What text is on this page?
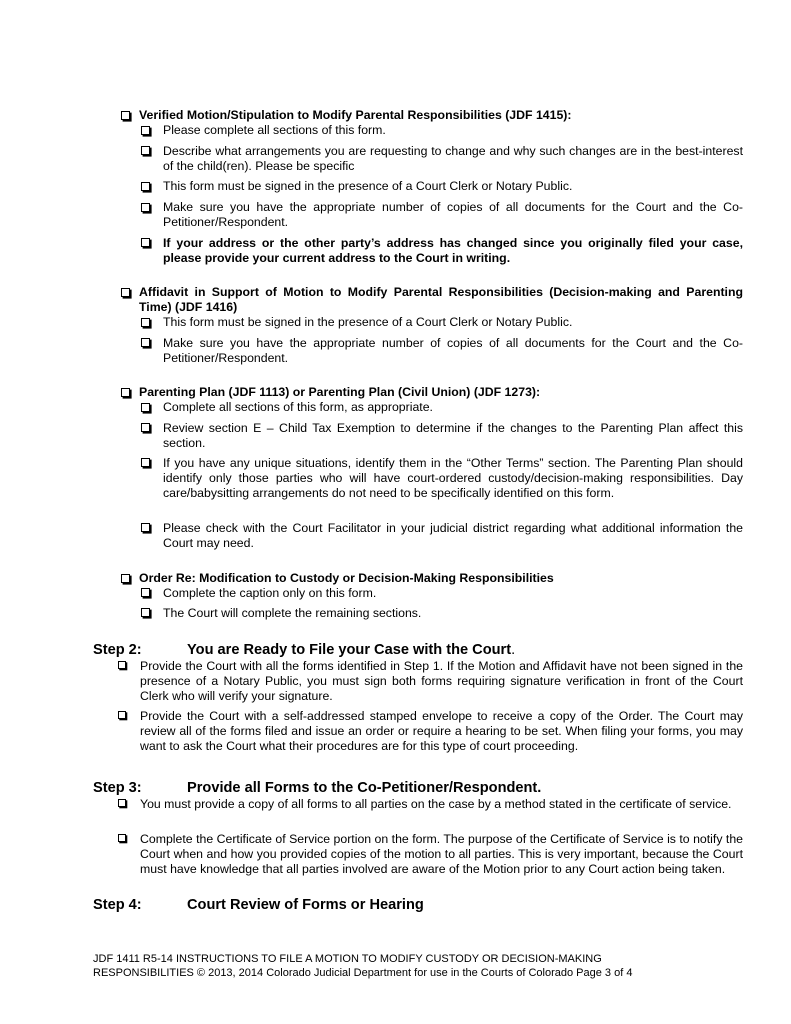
Verified Motion/Stipulation to Modify Parental Responsibilities (JDF 1415):
Please complete all sections of this form.
Describe what arrangements you are requesting to change and why such changes are in the best-interest of the child(ren). Please be specific
This form must be signed in the presence of a Court Clerk or Notary Public.
Make sure you have the appropriate number of copies of all documents for the Court and the Co-Petitioner/Respondent.
If your address or the other party’s address has changed since you originally filed your case, please provide your current address to the Court in writing.
Affidavit in Support of Motion to Modify Parental Responsibilities (Decision-making and Parenting Time) (JDF 1416)
This form must be signed in the presence of a Court Clerk or Notary Public.
Make sure you have the appropriate number of copies of all documents for the Court and the Co-Petitioner/Respondent.
Parenting Plan (JDF 1113) or Parenting Plan (Civil Union) (JDF 1273):
Complete all sections of this form, as appropriate.
Review section E – Child Tax Exemption to determine if the changes to the Parenting Plan affect this section.
If you have any unique situations, identify them in the “Other Terms” section. The Parenting Plan should identify only those parties who will have court-ordered custody/decision-making responsibilities. Day care/babysitting arrangements do not need to be specifically identified on this form.
Please check with the Court Facilitator in your judicial district regarding what additional information the Court may need.
Order Re: Modification to Custody or Decision-Making Responsibilities
Complete the caption only on this form.
The Court will complete the remaining sections.
Step 2:	You are Ready to File your Case with the Court.
Provide the Court with all the forms identified in Step 1. If the Motion and Affidavit have not been signed in the presence of a Notary Public, you must sign both forms requiring signature verification in front of the Court Clerk who will verify your signature.
Provide the Court with a self-addressed stamped envelope to receive a copy of the Order. The Court may review all of the forms filed and issue an order or require a hearing to be set. When filing your forms, you may want to ask the Court what their procedures are for this type of court proceeding.
Step 3:	Provide all Forms to the Co-Petitioner/Respondent.
You must provide a copy of all forms to all parties on the case by a method stated in the certificate of service.
Complete the Certificate of Service portion on the form. The purpose of the Certificate of Service is to notify the Court when and how you provided copies of the motion to all parties. This is very important, because the Court must have knowledge that all parties involved are aware of the Motion prior to any Court action being taken.
Step 4:	Court Review of Forms or Hearing
JDF 1411 R5-14 INSTRUCTIONS TO FILE A MOTION TO MODIFY CUSTODY OR DECISION-MAKING
RESPONSIBILITIES © 2013, 2014 Colorado Judicial Department for use in the Courts of Colorado Page 3 of 4
